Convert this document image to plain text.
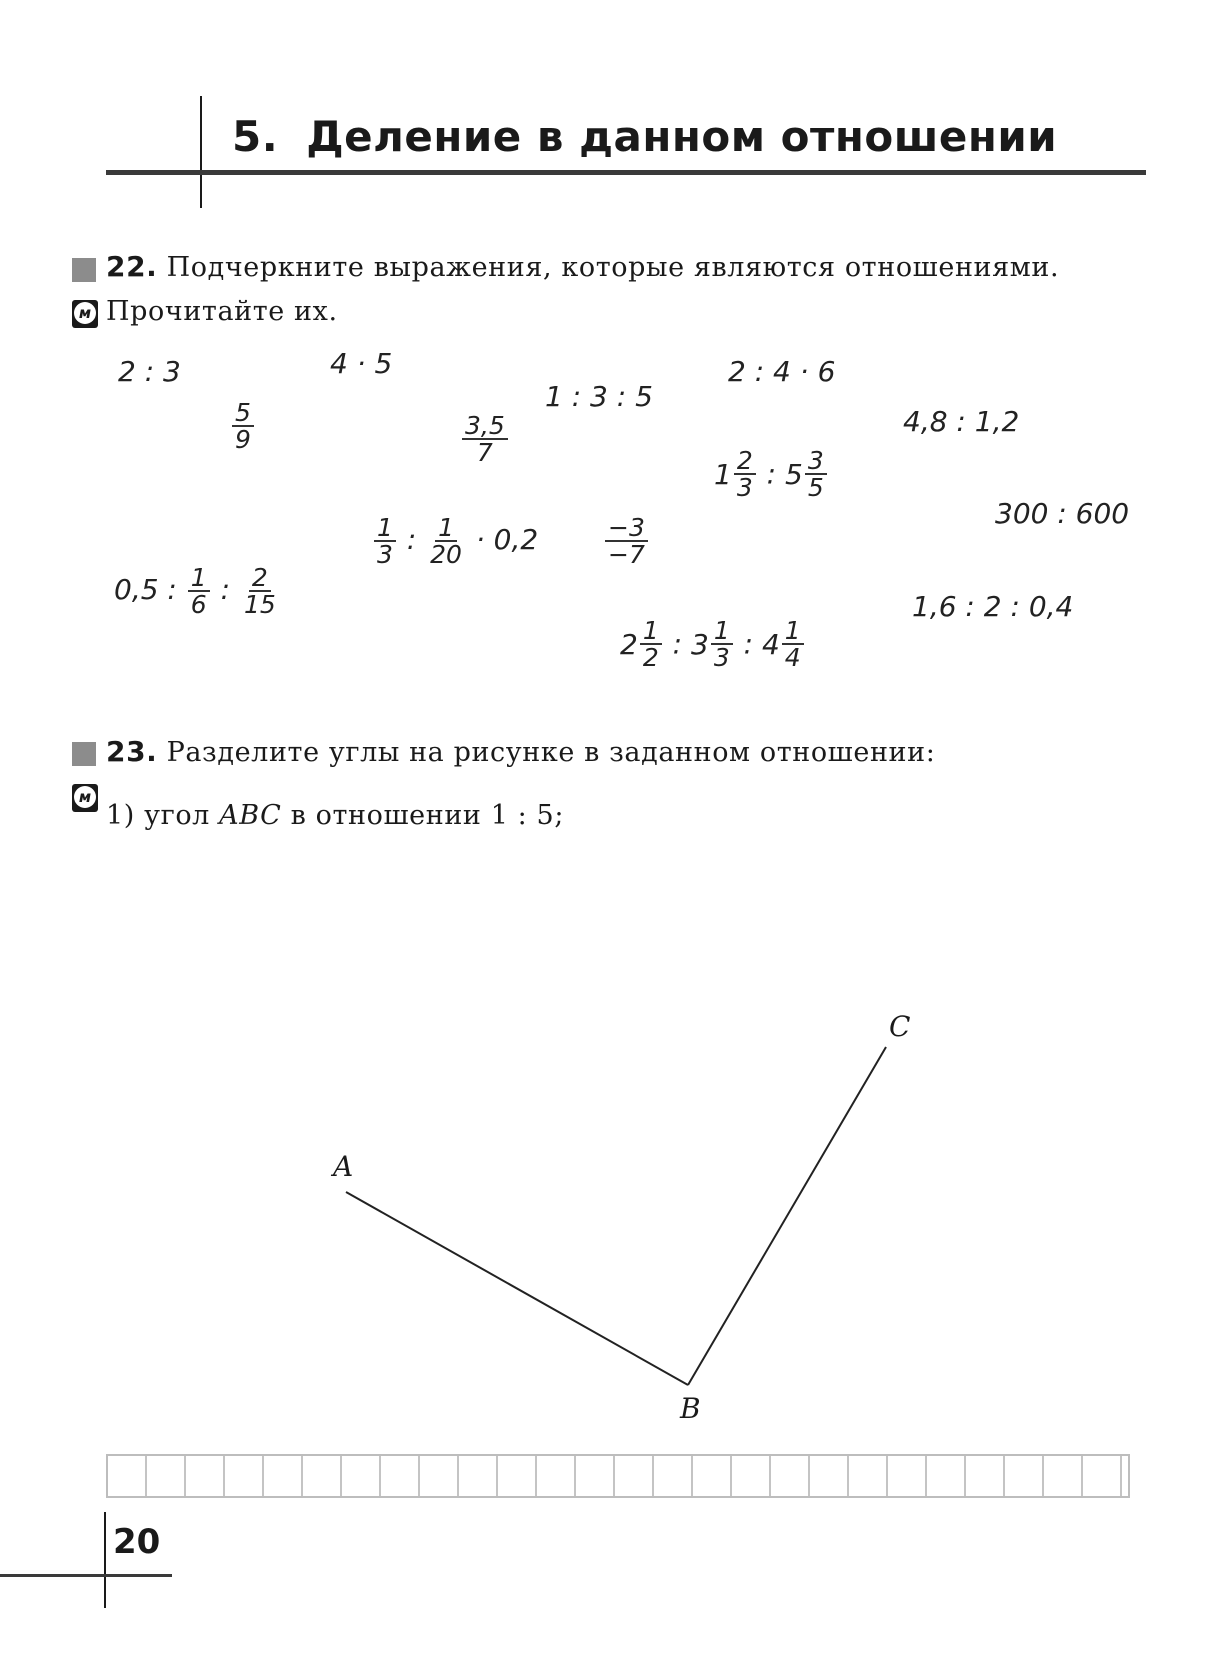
5. Деление в данном отношении
22. Подчеркните выражения, которые являются отношениями.
м Прочитайте их.
2 : 3	4 · 5
1 : 3 : 5
2 : 4 · 6
$\frac{5}{9}$	$\frac{3,5}{7}$	4,8 : 1,2
$1 \frac{2}{3}$ : $5 \frac{3}{5}$
300 : 600
$\frac{1}{3}$ : $\frac{1}{20} \cdot 0,2$	$\frac{-3}{-7}$
0,5 : $\frac{1}{6}$ : $\frac{2}{15}$	1,6 : 2 : 0,4
$2 \frac{1}{2}$ : $3 \frac{1}{3}$ : $4 \frac{1}{4}$
23. Разделите углы на рисунке в заданном отношении:
м
1) угол ABC в отношении 1 : 5;
A
B
C
20
